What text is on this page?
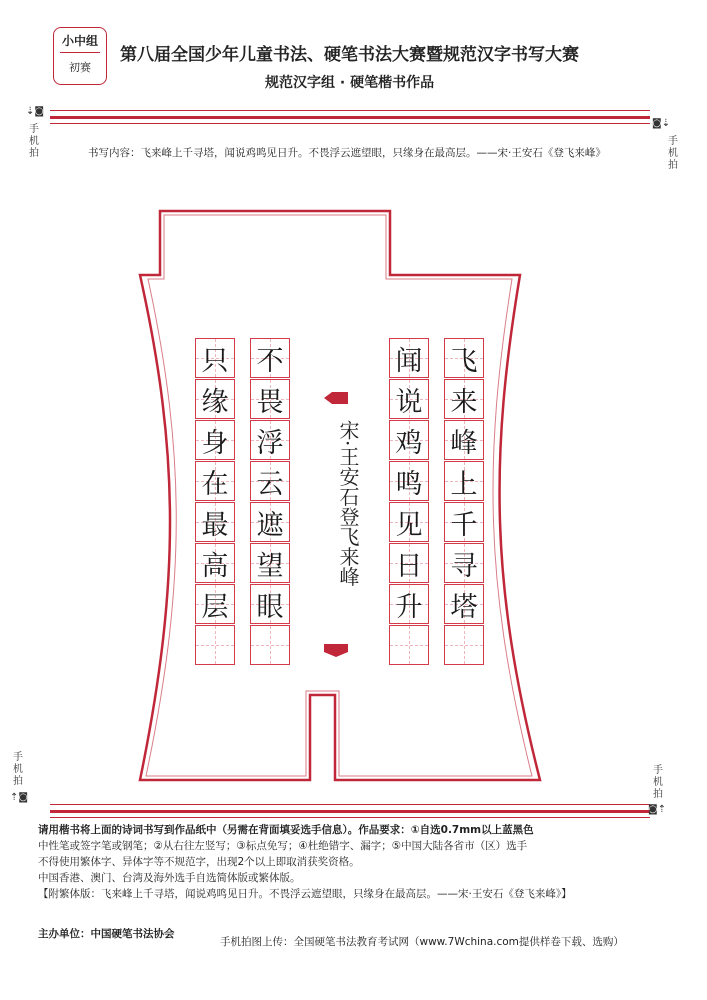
小中组
初赛
第八届全国少年儿童书法、硬笔书法大赛暨规范汉字书写大赛
规范汉字组 · 硬笔楷书作品
⇣◙
手机拍
◙⇣
手机拍
书写内容：飞来峰上千寻塔，闻说鸡鸣见日升。不畏浮云遮望眼，只缘身在最高层。——宋·王安石《登飞来峰》
飞
来
峰
上
千
寻
塔
闻
说
鸡
鸣
见
日
升
不
畏
浮
云
遮
望
眼
只
缘
身
在
最
高
层
宋·王安石登飞来峰
手机拍
⇡◙
手机拍
◙⇡

请用楷书将上面的诗词书写到作品纸中（另需在背面填妥选手信息）。作品要求：①自选0.7mm以上蓝黑色

中性笔或签字笔或钢笔；②从右往左竖写；③标点免写；④杜绝错字、漏字；⑤中国大陆各省市（区）选手

不得使用繁体字、异体字等不规范字，出现2个以上即取消获奖资格。

中国香港、澳门、台湾及海外选手自选简体版或繁体版。

【附繁体版：飞来峰上千寻塔，闻说鸡鸣见日升。不畏浮云遮望眼，只缘身在最高层。——宋·王安石《登飞来峰》】

主办单位：中国硬笔书法协会
手机拍图上传：全国硬笔书法教育考试网（www.7Wchina.com提供样卷下载、选购）
